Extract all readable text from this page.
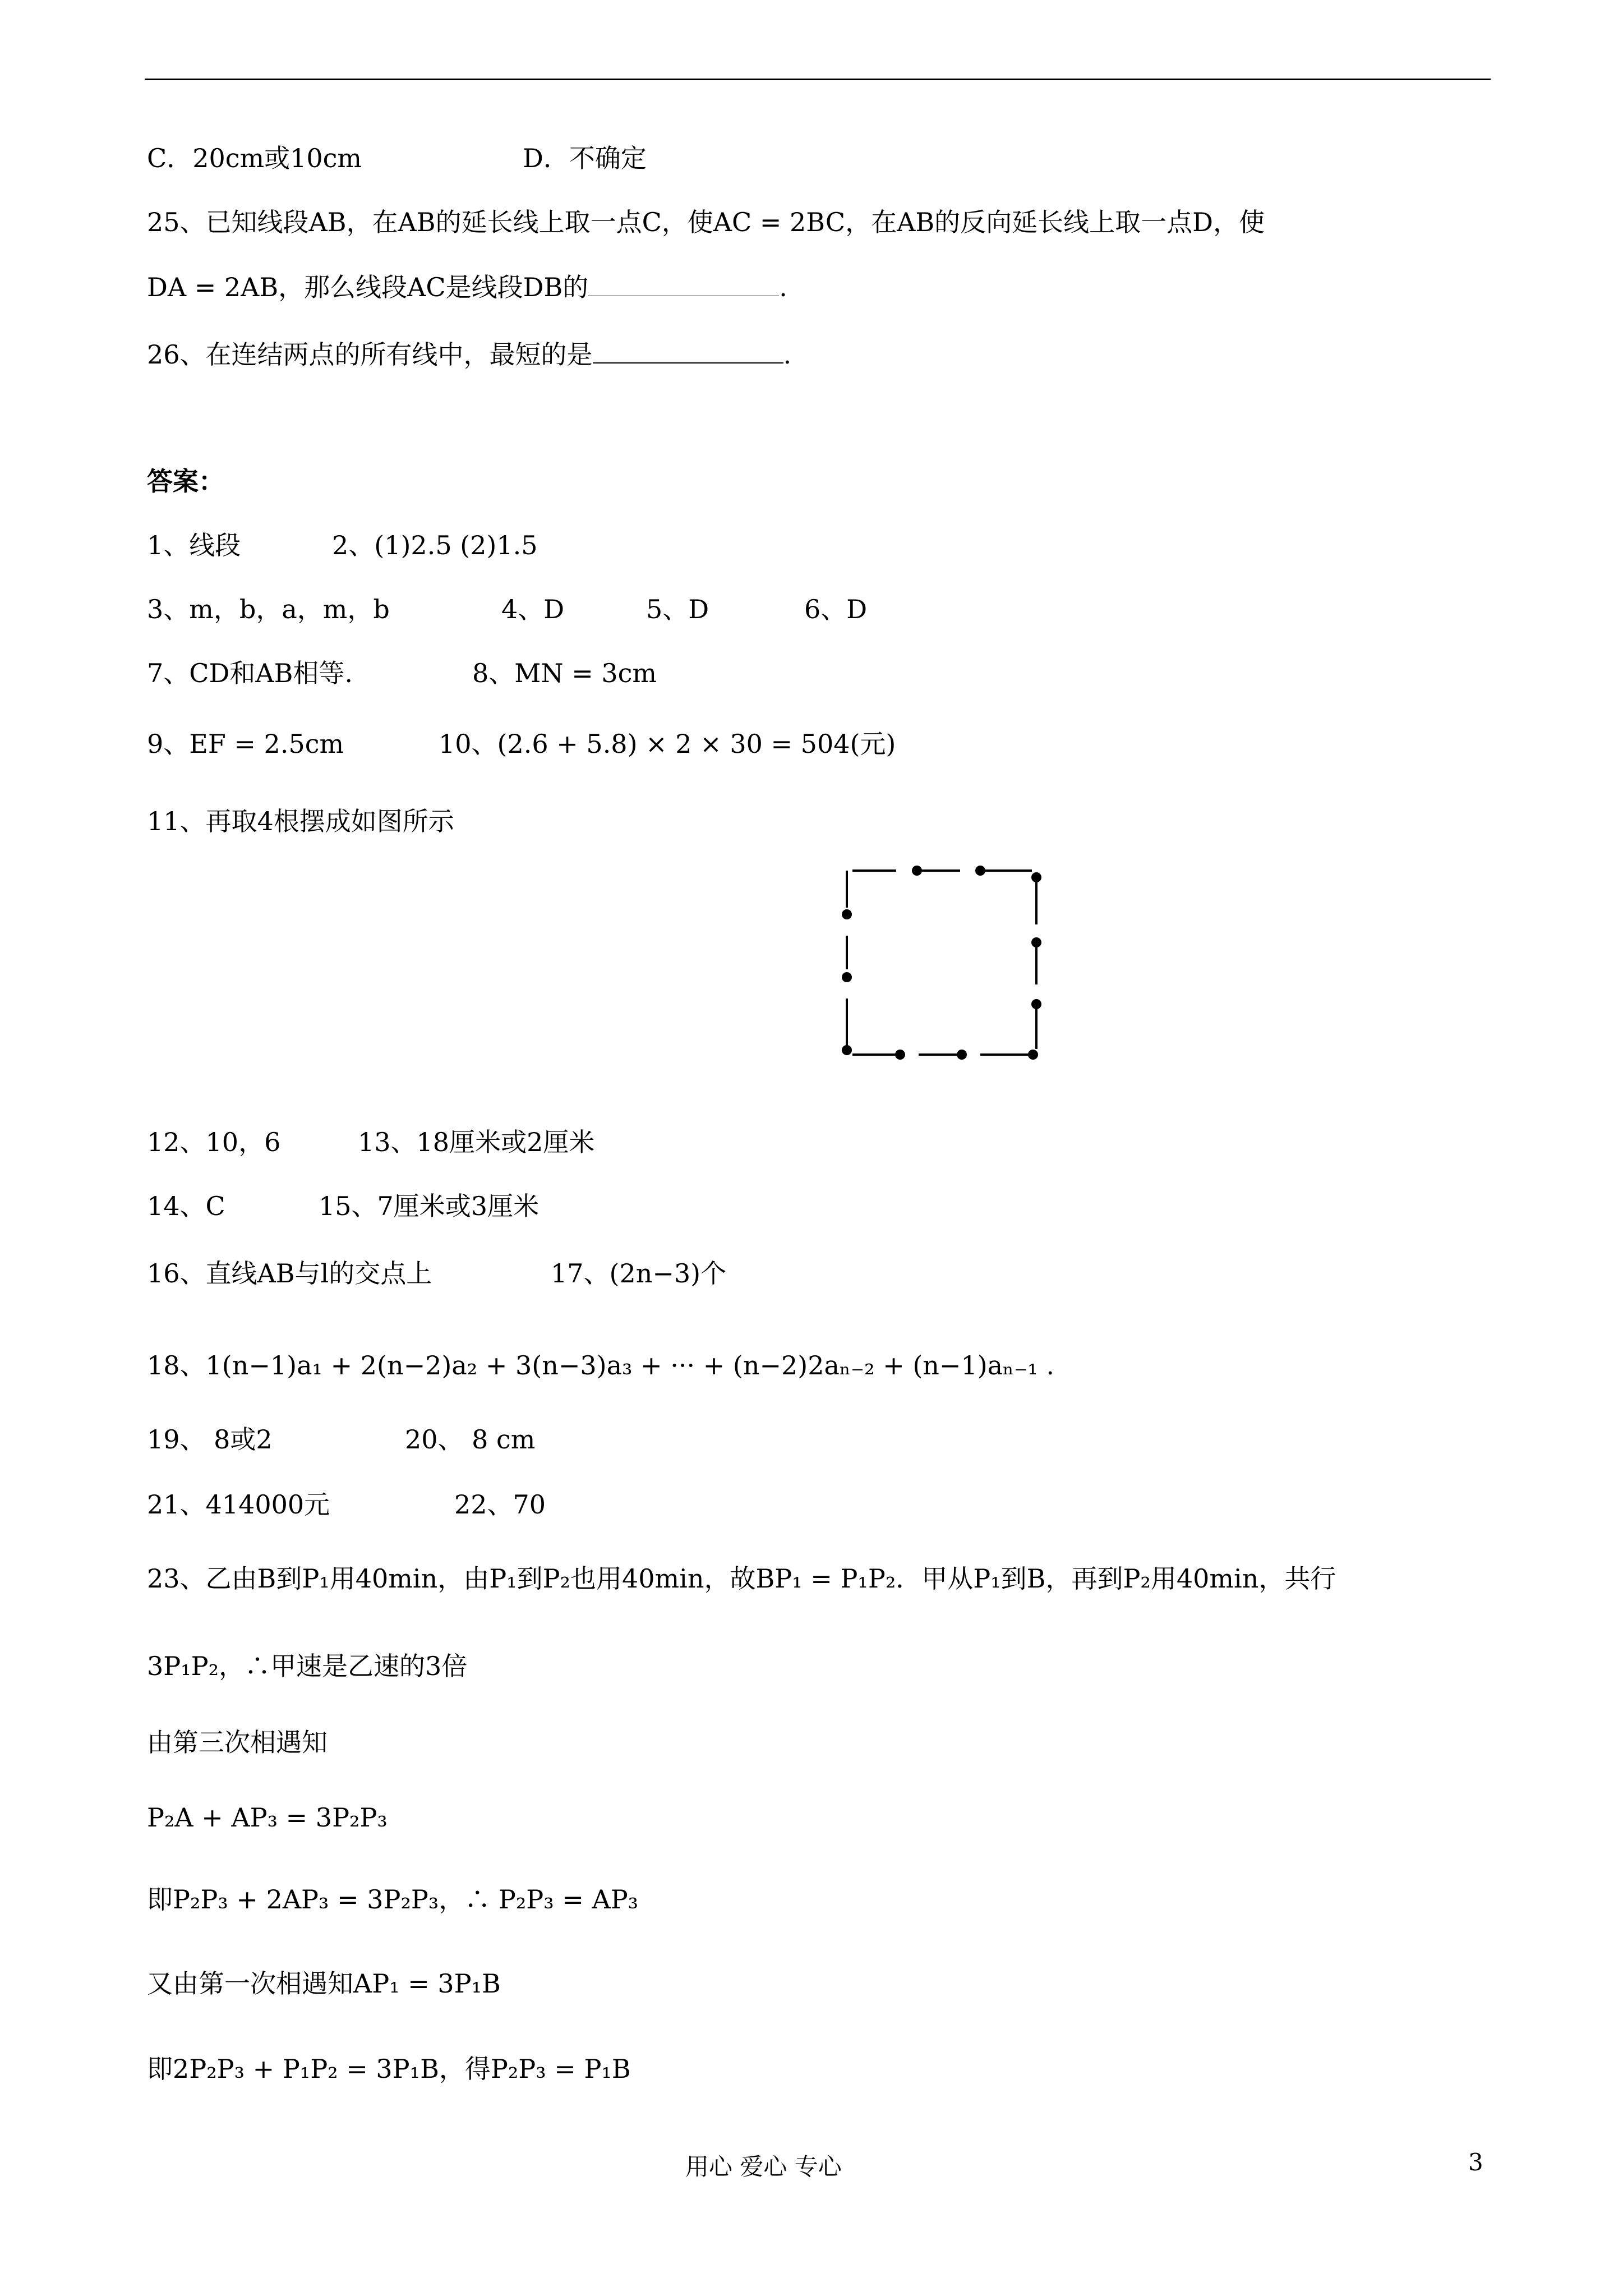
C．20cm或10cm	D．不确定
25、已知线段AB，在AB的延长线上取一点C，使AC = 2BC，在AB的反向延长线上取一点D，使
DA = 2AB，那么线段AC是线段DB的	.
26、在连结两点的所有线中，最短的是	.
答案：
1、线段	2、(1)2.5 (2)1.5
3、m，b，a，m，b	4、D	5、D	6、D
7、CD和AB相等.	8、MN = 3cm
9、EF = 2.5cm	10、(2.6 + 5.8) × 2 × 30 = 504(元)
11、再取4根摆成如图所示
12、10，6	13、18厘米或2厘米
14、C	15、7厘米或3厘米
16、直线AB与l的交点上	17、(2n−3)个
18、1(n−1)a₁ + 2(n−2)a₂ + 3(n−3)a₃ + ··· + (n−2)2aₙ₋₂ + (n−1)aₙ₋₁ .
19、 8或2	20、 8 cm
21、414000元	22、70
23、乙由B到P₁用40min，由P₁到P₂也用40min，故BP₁ = P₁P₂．甲从P₁到B，再到P₂用40min，共行
3P₁P₂，∴甲速是乙速的3倍
由第三次相遇知
P₂A + AP₃ = 3P₂P₃
即P₂P₃ + 2AP₃ = 3P₂P₃，∴ P₂P₃ = AP₃
又由第一次相遇知AP₁ = 3P₁B
即2P₂P₃ + P₁P₂ = 3P₁B，得P₂P₃ = P₁B
用心 爱心 专心	3
